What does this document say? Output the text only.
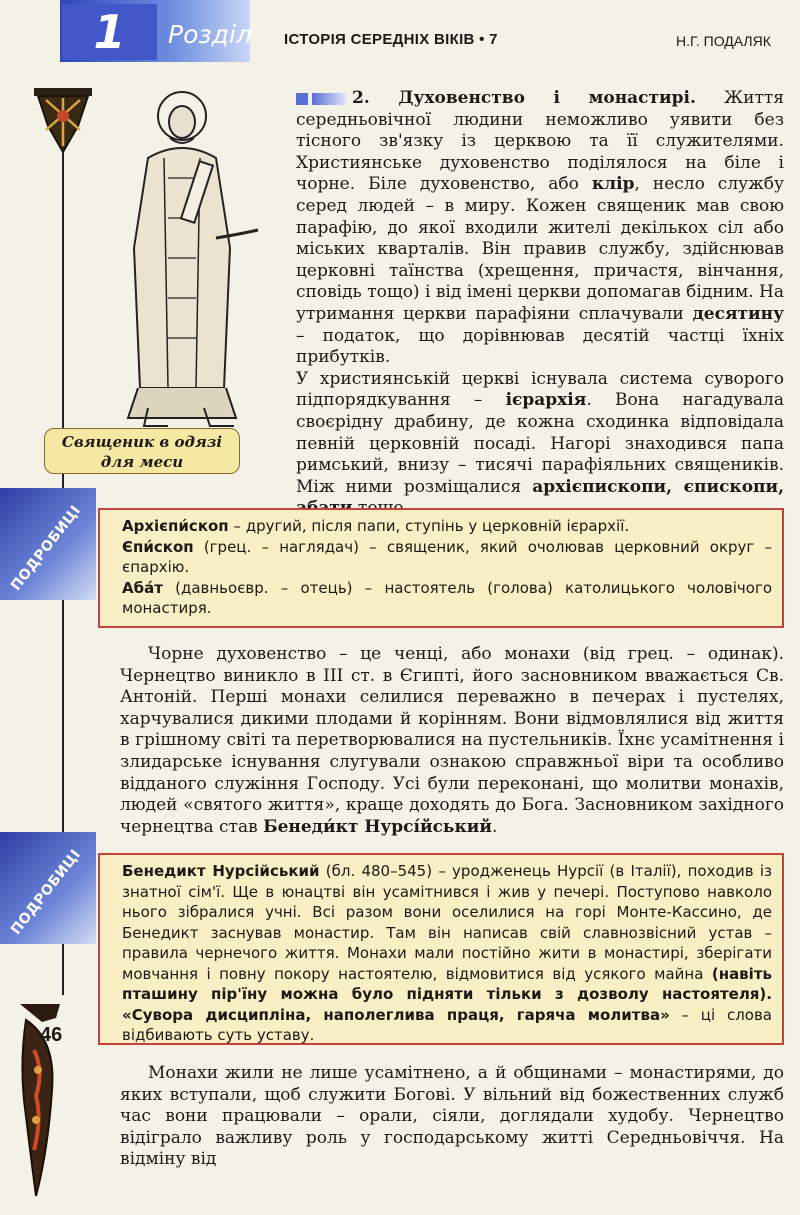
1	Розділ ІСТОРІЯ СЕРЕДНІХ ВІКІВ • 7	Н.Г. ПОДАЛЯК
Священик в одязі
для меси

2. Духовенство і монастирі. Життя середньовічної людини неможливо уявити без тісного зв'язку із церквою та її служителями. Християнське духовенство поділялося на біле і чорне. Біле духовенство, або клір, несло службу серед людей – в миру. Кожен священик мав свою парафію, до якої входили жителі декількох сіл або міських кварталів. Він правив службу, здійснював церковні таїнства (хрещення, причастя, вінчання, сповідь тощо) і від імені церкви допомагав бідним. На утримання церкви парафіяни сплачували десятину – податок, що дорівнював десятій частці їхніх прибутків.

У християнській церкві існувала система суворого підпорядкування – ієрархія. Вона нагадувала своєрідну драбину, де кожна сходинка відповідала певній церковній посаді. Нагорі знаходився папа римський, внизу – тисячі парафіяльних священиків. Між ними розміщалися архієпископи, єпископи,

ПОДРОБИЦІ	Архієпи́скоп – другий, після папи, ступінь у церковній ієрархії.

Єпи́скоп (грец. – наглядач) – священик, який очолював церковний округ – єпархію.

Аба́т (давньоєвр. – отець) – настоятель (голова) католицького чоловічого монастиря.

Чорне духовенство – це ченці, або монахи (від грец. – одинак). Чернецтво виникло в III ст. в Єгипті, його засновником вважається Св. Антоній. Перші монахи селилися переважно в печерах і пустелях, харчувалися дикими плодами й корінням. Вони відмовлялися від життя в грішному світі та перетворювалися на пустельників. Їхнє усамітнення і злидарське існування слугували ознакою справжньої віри та особливо відданого служіння Господу. Усі були переконані, що молитви монахів, людей «святого життя», краще доходять до Бога. Засновником західного чернецтва став Бенеди́кт Нурсі́йський.

ПОДРОБИЦІ	Бенедикт Нурсійський (бл. 480–545) – уродженець Нурсії (в Італії), походив із знатної сім'ї. Ще в юнацтві він усамітнився і жив у печері. Поступово навколо нього зібралися учні. Всі разом вони оселилися на горі Монте-Кассино, де Бенедикт заснував монастир. Там він написав свій славнозвісний устав – правила чернечого життя. Монахи мали постійно жити в монастирі, зберігати мовчання і повну покору настоятелю, відмовитися від усякого майна (навіть пташину пір'їну можна було підняти тільки з дозволу настоятеля). «Сувора дисципліна, наполеглива праця, гаряча молитва» – ці слова відбивають суть уставу.

46

Монахи жили не лише усамітнено, а й общинами – монастирями, до яких вступали, щоб служити Богові. У вільний від божественних служб час вони працювали – орали, сіяли, доглядали худобу. Чернецтво відіграло важливу роль у господарському житті Середньовіччя. На відміну від
